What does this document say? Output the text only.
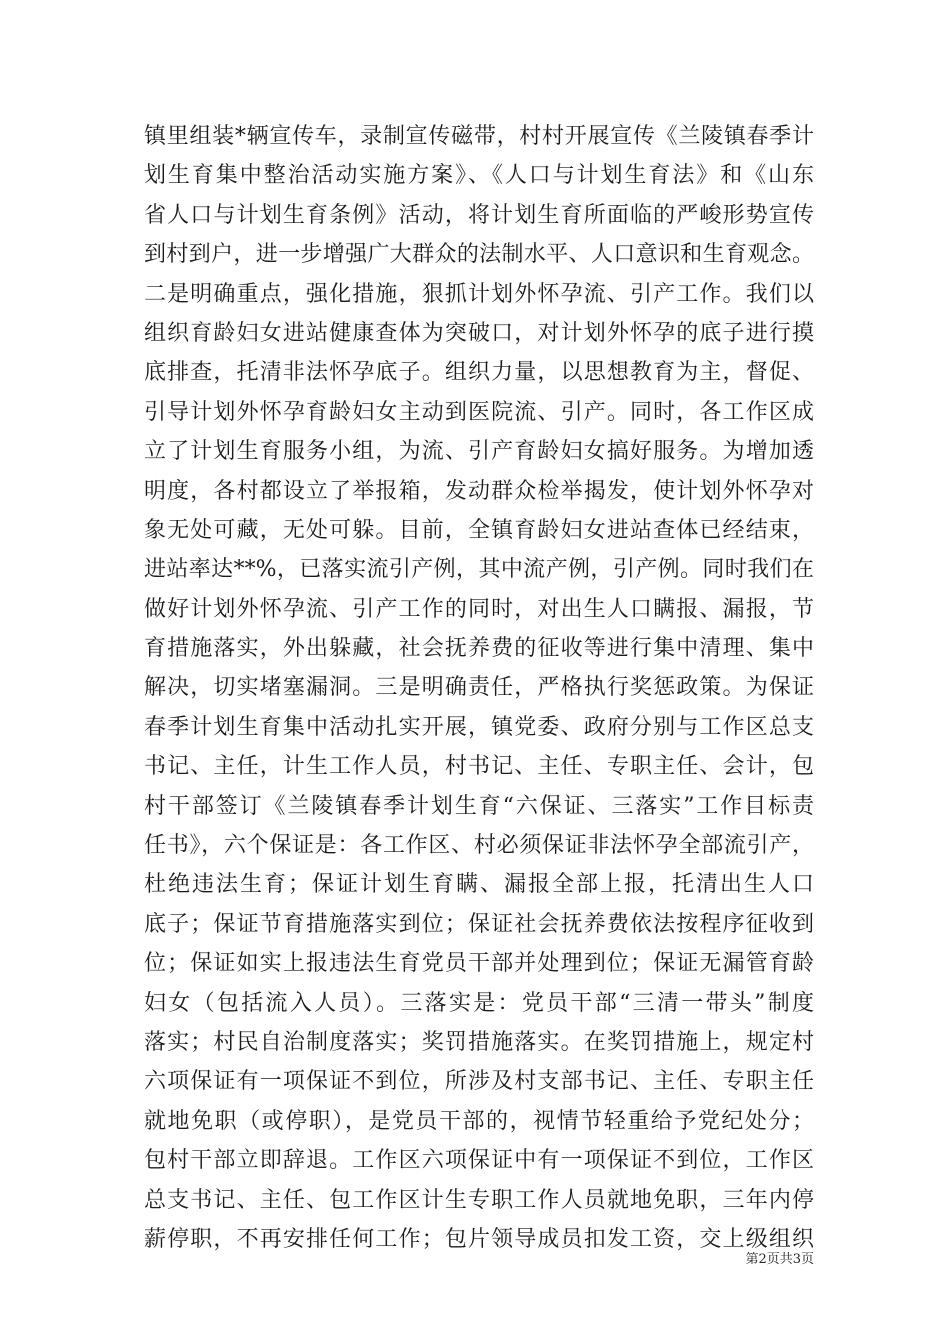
镇里组装*辆宣传车，录制宣传磁带，村村开展宣传《兰陵镇春季计
划生育集中整治活动实施方案》、《人口与计划生育法》和《山东
省人口与计划生育条例》活动，将计划生育所面临的严峻形势宣传
到村到户，进一步增强广大群众的法制水平、人口意识和生育观念。
二是明确重点，强化措施，狠抓计划外怀孕流、引产工作。我们以
组织育龄妇女进站健康查体为突破口，对计划外怀孕的底子进行摸
底排查，托清非法怀孕底子。组织力量，以思想教育为主，督促、
引导计划外怀孕育龄妇女主动到医院流、引产。同时，各工作区成
立了计划生育服务小组，为流、引产育龄妇女搞好服务。为增加透
明度，各村都设立了举报箱，发动群众检举揭发，使计划外怀孕对
象无处可藏，无处可躲。目前，全镇育龄妇女进站查体已经结束，
进站率达**%，已落实流引产例，其中流产例，引产例。同时我们在
做好计划外怀孕流、引产工作的同时，对出生人口瞒报、漏报，节
育措施落实，外出躲藏，社会抚养费的征收等进行集中清理、集中
解决，切实堵塞漏洞。三是明确责任，严格执行奖惩政策。为保证
春季计划生育集中活动扎实开展，镇党委、政府分别与工作区总支
书记、主任，计生工作人员，村书记、主任、专职主任、会计，包
村干部签订《兰陵镇春季计划生育“六保证、三落实”工作目标责
任书》，六个保证是：各工作区、村必须保证非法怀孕全部流引产，
杜绝违法生育；保证计划生育瞒、漏报全部上报，托清出生人口
底子；保证节育措施落实到位；保证社会抚养费依法按程序征收到
位；保证如实上报违法生育党员干部并处理到位；保证无漏管育龄
妇女（包括流入人员）。三落实是：党员干部“三清一带头”制度
落实；村民自治制度落实；奖罚措施落实。在奖罚措施上，规定村
六项保证有一项保证不到位，所涉及村支部书记、主任、专职主任
就地免职（或停职），是党员干部的，视情节轻重给予党纪处分；
包村干部立即辞退。工作区六项保证中有一项保证不到位，工作区
总支书记、主任、包工作区计生专职工作人员就地免职，三年内停
薪停职，不再安排任何工作；包片领导成员扣发工资，交上级组织
第2页共3页
